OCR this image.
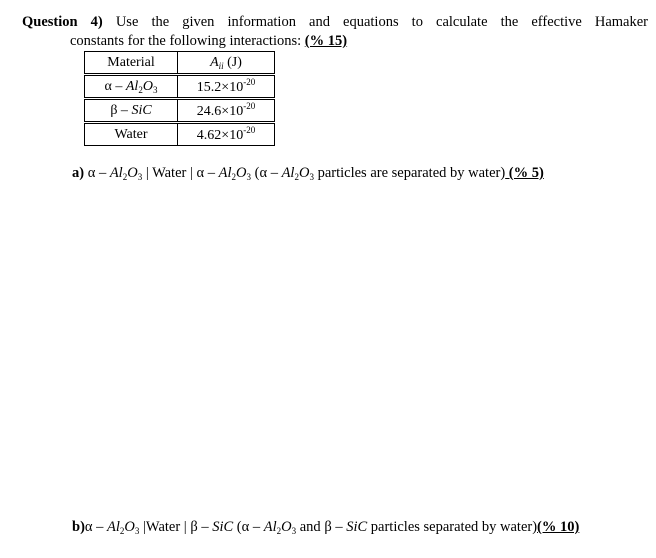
Question 4) Use the given information and equations to calculate the effective Hamaker
constants for the following interactions: (% 15)
Material	$A_{ii}$ (J)
α – $Al_2O_3$	$15.2\times 10^{-20}$
β – SiC	$24.6\times 10^{-20}$
Water	$4.62\times 10^{-20}$
a) α – $Al_2O_3$ | Water | α – $Al_2O_3$ ($\alpha - Al_2O_3$ particles are separated by water) (% 5)
$b)\alpha - Al_2O_3$ |Water | β – SiC ($\alpha - Al_2O_3$ and β – SiC particles separated by water)(% 10)
